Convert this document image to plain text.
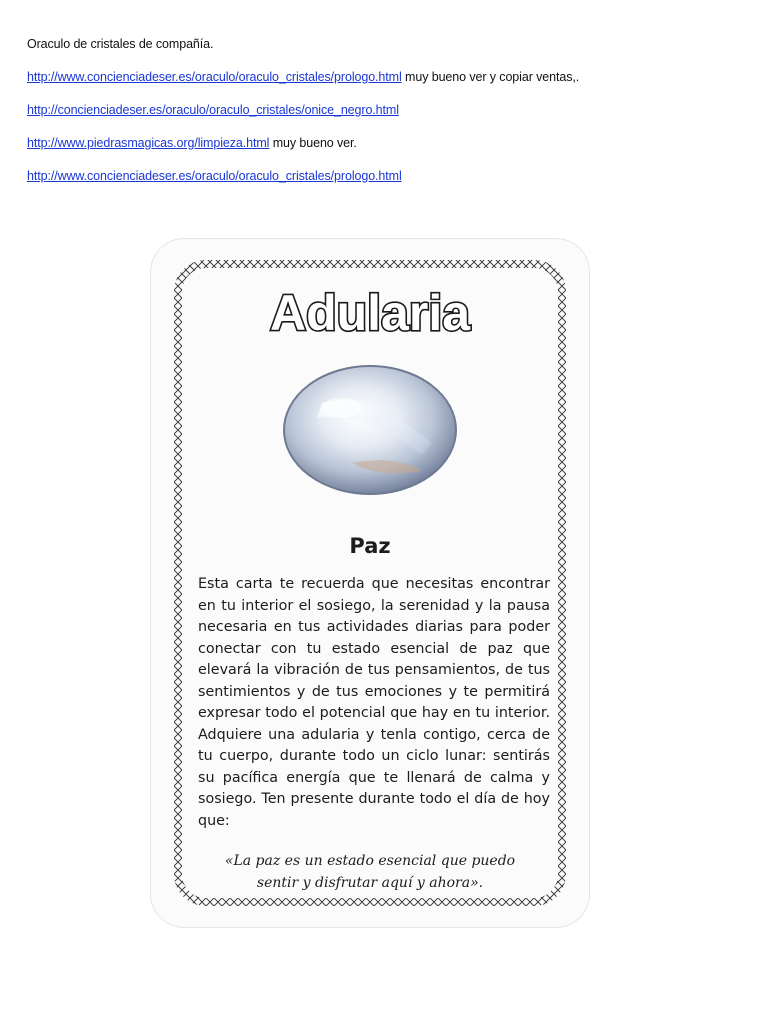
Oraculo de cristales de compañía.
http://www.concienciadeser.es/oraculo/oraculo_cristales/prologo.html muy bueno ver y copiar ventas,.
http://concienciadeser.es/oraculo/oraculo_cristales/onice_negro.html
http://www.piedrasmagicas.org/limpieza.html muy bueno ver.
http://www.concienciadeser.es/oraculo/oraculo_cristales/prologo.html
Adularia
Paz
Esta carta te recuerda que necesitas encontrar en tu interior el sosiego, la serenidad y la pausa necesaria en tus actividades diarias para poder conectar con tu estado esencial de paz que elevará la vibración de tus pensamientos, de tus sentimientos y de tus emociones y te permitirá expresar todo el potencial que hay en tu interior. Adquiere una adularia y tenla contigo, cerca de tu cuerpo, durante todo un ciclo lunar: sentirás su pacífica energía que te llenará de calma y sosiego. Ten presente durante todo el día de hoy que:
«La paz es un estado esencial que puedo sentir y disfrutar aquí y ahora».
